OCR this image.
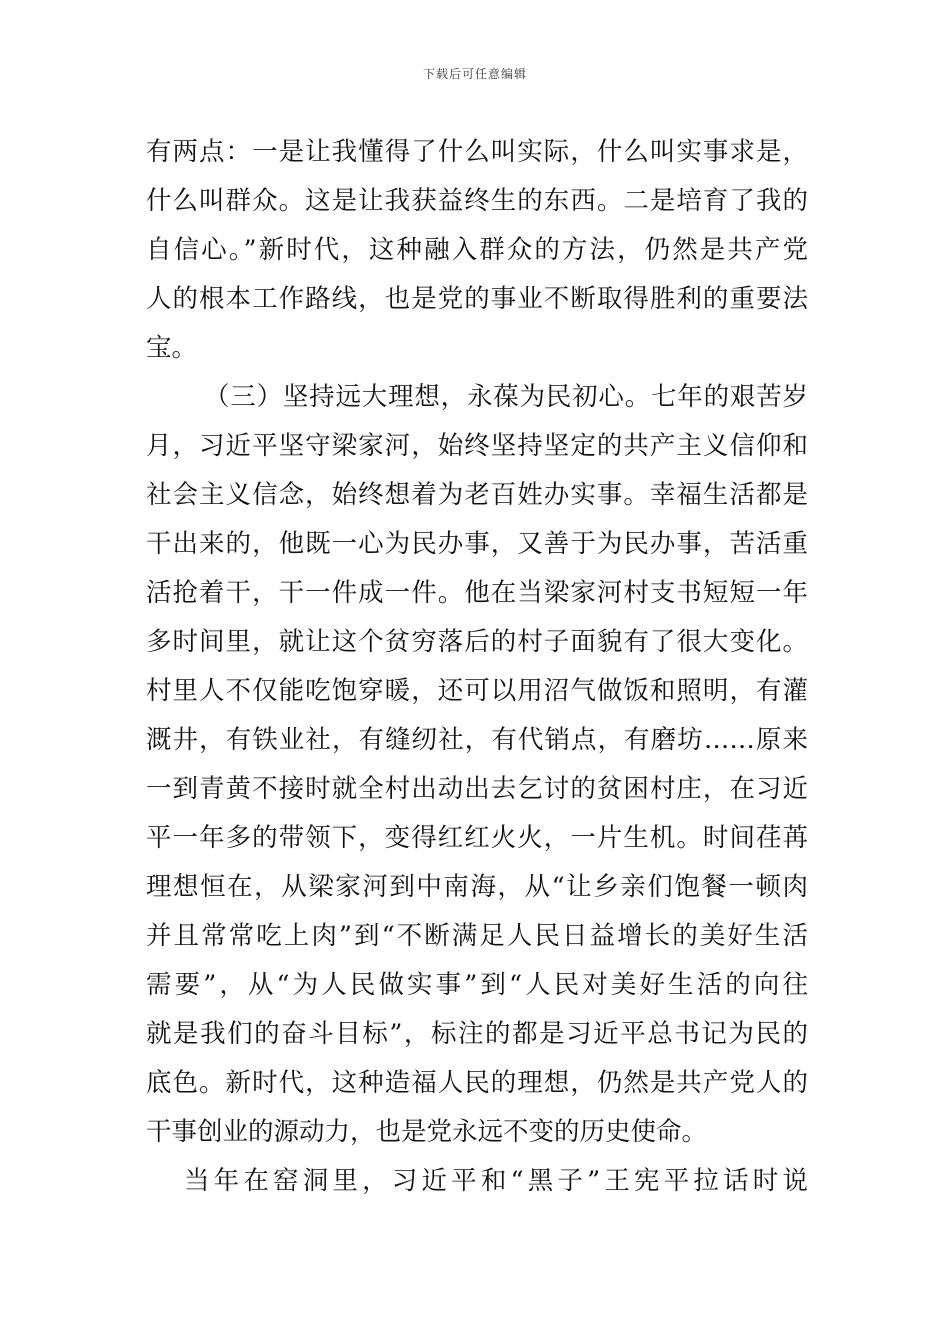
下载后可任意编辑
有两点：一是让我懂得了什么叫实际，什么叫实事求是，
什么叫群众。这是让我获益终生的东西。二是培育了我的
自信心。”新时代，这种融入群众的方法，仍然是共产党
人的根本工作路线，也是党的事业不断取得胜利的重要法
宝。
（三）坚持远大理想，永葆为民初心。七年的艰苦岁
月，习近平坚守梁家河，始终坚持坚定的共产主义信仰和
社会主义信念，始终想着为老百姓办实事。幸福生活都是
干出来的，他既一心为民办事，又善于为民办事，苦活重
活抢着干，干一件成一件。他在当梁家河村支书短短一年
多时间里，就让这个贫穷落后的村子面貌有了很大变化。
村里人不仅能吃饱穿暖，还可以用沼气做饭和照明，有灌
溉井，有铁业社，有缝纫社，有代销点，有磨坊……原来
一到青黄不接时就全村出动出去乞讨的贫困村庄，在习近
平一年多的带领下，变得红红火火，一片生机。时间荏苒
理想恒在，从梁家河到中南海，从“让乡亲们饱餐一顿肉
并且常常吃上肉”到“不断满足人民日益增长的美好生活
需要”，从“为人民做实事”到“人民对美好生活的向往
就是我们的奋斗目标”，标注的都是习近平总书记为民的
底色。新时代，这种造福人民的理想，仍然是共产党人的
干事创业的源动力，也是党永远不变的历史使命。
当年在窑洞里，习近平和“黑子”王宪平拉话时说
